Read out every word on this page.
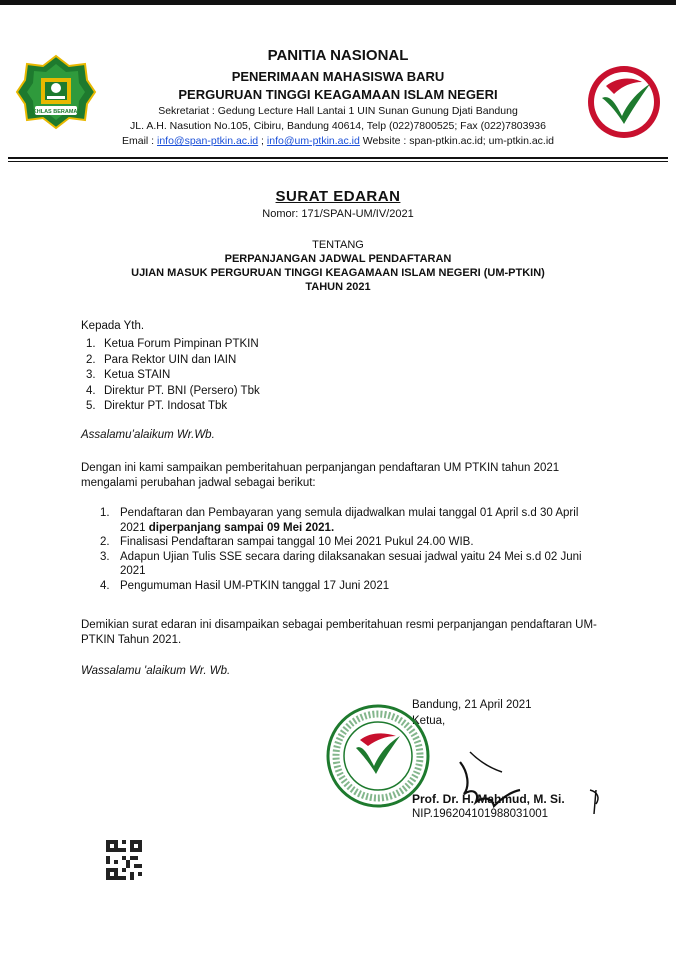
IKHLAS BERAMAL
PANITIA NASIONAL
PENERIMAAN MAHASISWA BARU
PERGURUAN TINGGI KEAGAMAAN ISLAM NEGERI
Sekretariat : Gedung Lecture Hall Lantai 1 UIN Sunan Gunung Djati Bandung
JL. A.H. Nasution No.105, Cibiru, Bandung 40614, Telp (022)7800525; Fax (022)7803936
Email : info@span-ptkin.ac.id ; info@um-ptkin.ac.id Website : span-ptkin.ac.id; um-ptkin.ac.id
SURAT EDARAN
Nomor: 171/SPAN-UM/IV/2021
TENTANG
PERPANJANGAN JADWAL PENDAFTARAN
UJIAN MASUK PERGURUAN TINGGI KEAGAMAAN ISLAM NEGERI (UM-PTKIN)
TAHUN 2021
Kepada Yth.
1. Ketua Forum Pimpinan PTKIN
2. Para Rektor UIN dan IAIN
3. Ketua STAIN
4. Direktur PT. BNI (Persero) Tbk
5. Direktur PT. Indosat Tbk
Assalamu’alaikum Wr.Wb.
Dengan ini kami sampaikan pemberitahuan perpanjangan pendaftaran UM PTKIN tahun 2021 mengalami perubahan jadwal sebagai berikut:
1. Pendaftaran dan Pembayaran yang semula dijadwalkan mulai tanggal 01 April s.d 30 April 2021 diperpanjang sampai 09 Mei 2021.
2. Finalisasi Pendaftaran sampai tanggal 10 Mei 2021 Pukul 24.00 WIB.
3. Adapun Ujian Tulis SSE secara daring dilaksanakan sesuai jadwal yaitu 24 Mei s.d 02 Juni 2021
4. Pengumuman Hasil UM-PTKIN tanggal 17 Juni 2021
Demikian surat edaran ini disampaikan sebagai pemberitahuan resmi perpanjangan pendaftaran UM-PTKIN Tahun 2021.
Wassalamu 'alaikum Wr. Wb.
Bandung, 21 April 2021
Ketua,
Prof. Dr. H. Mahmud, M. Si.
NIP.196204101988031001
